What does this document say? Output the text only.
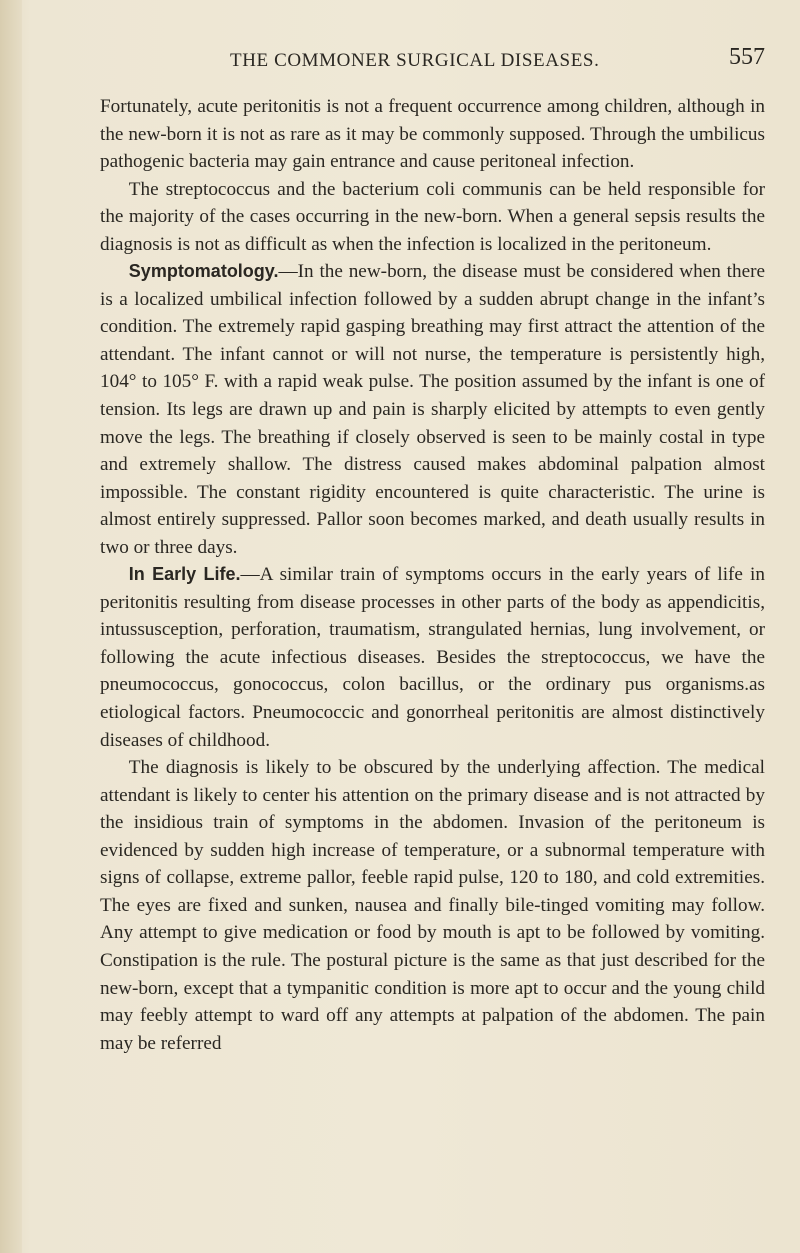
THE COMMONER SURGICAL DISEASES.	557

Fortunately, acute peritonitis is not a frequent occurrence among children, although in the new-born it is not as rare as it may be commonly supposed. Through the umbilicus pathogenic bacteria may gain entrance and cause peritoneal infection.

The streptococcus and the bacterium coli communis can be held responsible for the majority of the cases occurring in the new-born. When a general sepsis results the diagnosis is not as difficult as when the infection is localized in the peritoneum.

Symptomatology.—In the new-born, the disease must be considered when there is a localized umbilical infection followed by a sudden abrupt change in the infant’s condition. The extremely rapid gasping breathing may first attract the attention of the attendant. The infant cannot or will not nurse, the temperature is persistently high, 104° to 105° F. with a rapid weak pulse. The position assumed by the infant is one of tension. Its legs are drawn up and pain is sharply elicited by attempts to even gently move the legs. The breathing if closely observed is seen to be mainly costal in type and extremely shallow. The distress caused makes abdominal palpation almost impossible. The constant rigidity encountered is quite characteristic. The urine is almost entirely suppressed. Pallor soon becomes marked, and death usually results in two or three days.

In Early Life.—A similar train of symptoms occurs in the early years of life in peritonitis resulting from disease processes in other parts of the body as appendicitis, intussusception, perforation, traumatism, strangulated hernias, lung involvement, or following the acute infectious diseases. Besides the streptococcus, we have the pneumococcus, gonococcus, colon bacillus, or the ordinary pus organisms.as etiological factors. Pneumococcic and gonorrheal peritonitis are almost distinctively diseases of childhood.

The diagnosis is likely to be obscured by the underlying affection. The medical attendant is likely to center his attention on the primary disease and is not attracted by the insidious train of symptoms in the abdomen. Invasion of the peritoneum is evidenced by sudden high increase of temperature, or a subnormal temperature with signs of collapse, extreme pallor, feeble rapid pulse, 120 to 180, and cold extremities. The eyes are fixed and sunken, nausea and finally bile-tinged vomiting may follow. Any attempt to give medication or food by mouth is apt to be followed by vomiting. Constipation is the rule. The postural picture is the same as that just described for the new-born, except that a tympanitic condition is more apt to occur and the young child may feebly attempt to ward off any attempts at palpation of the abdomen. The pain may be referred
